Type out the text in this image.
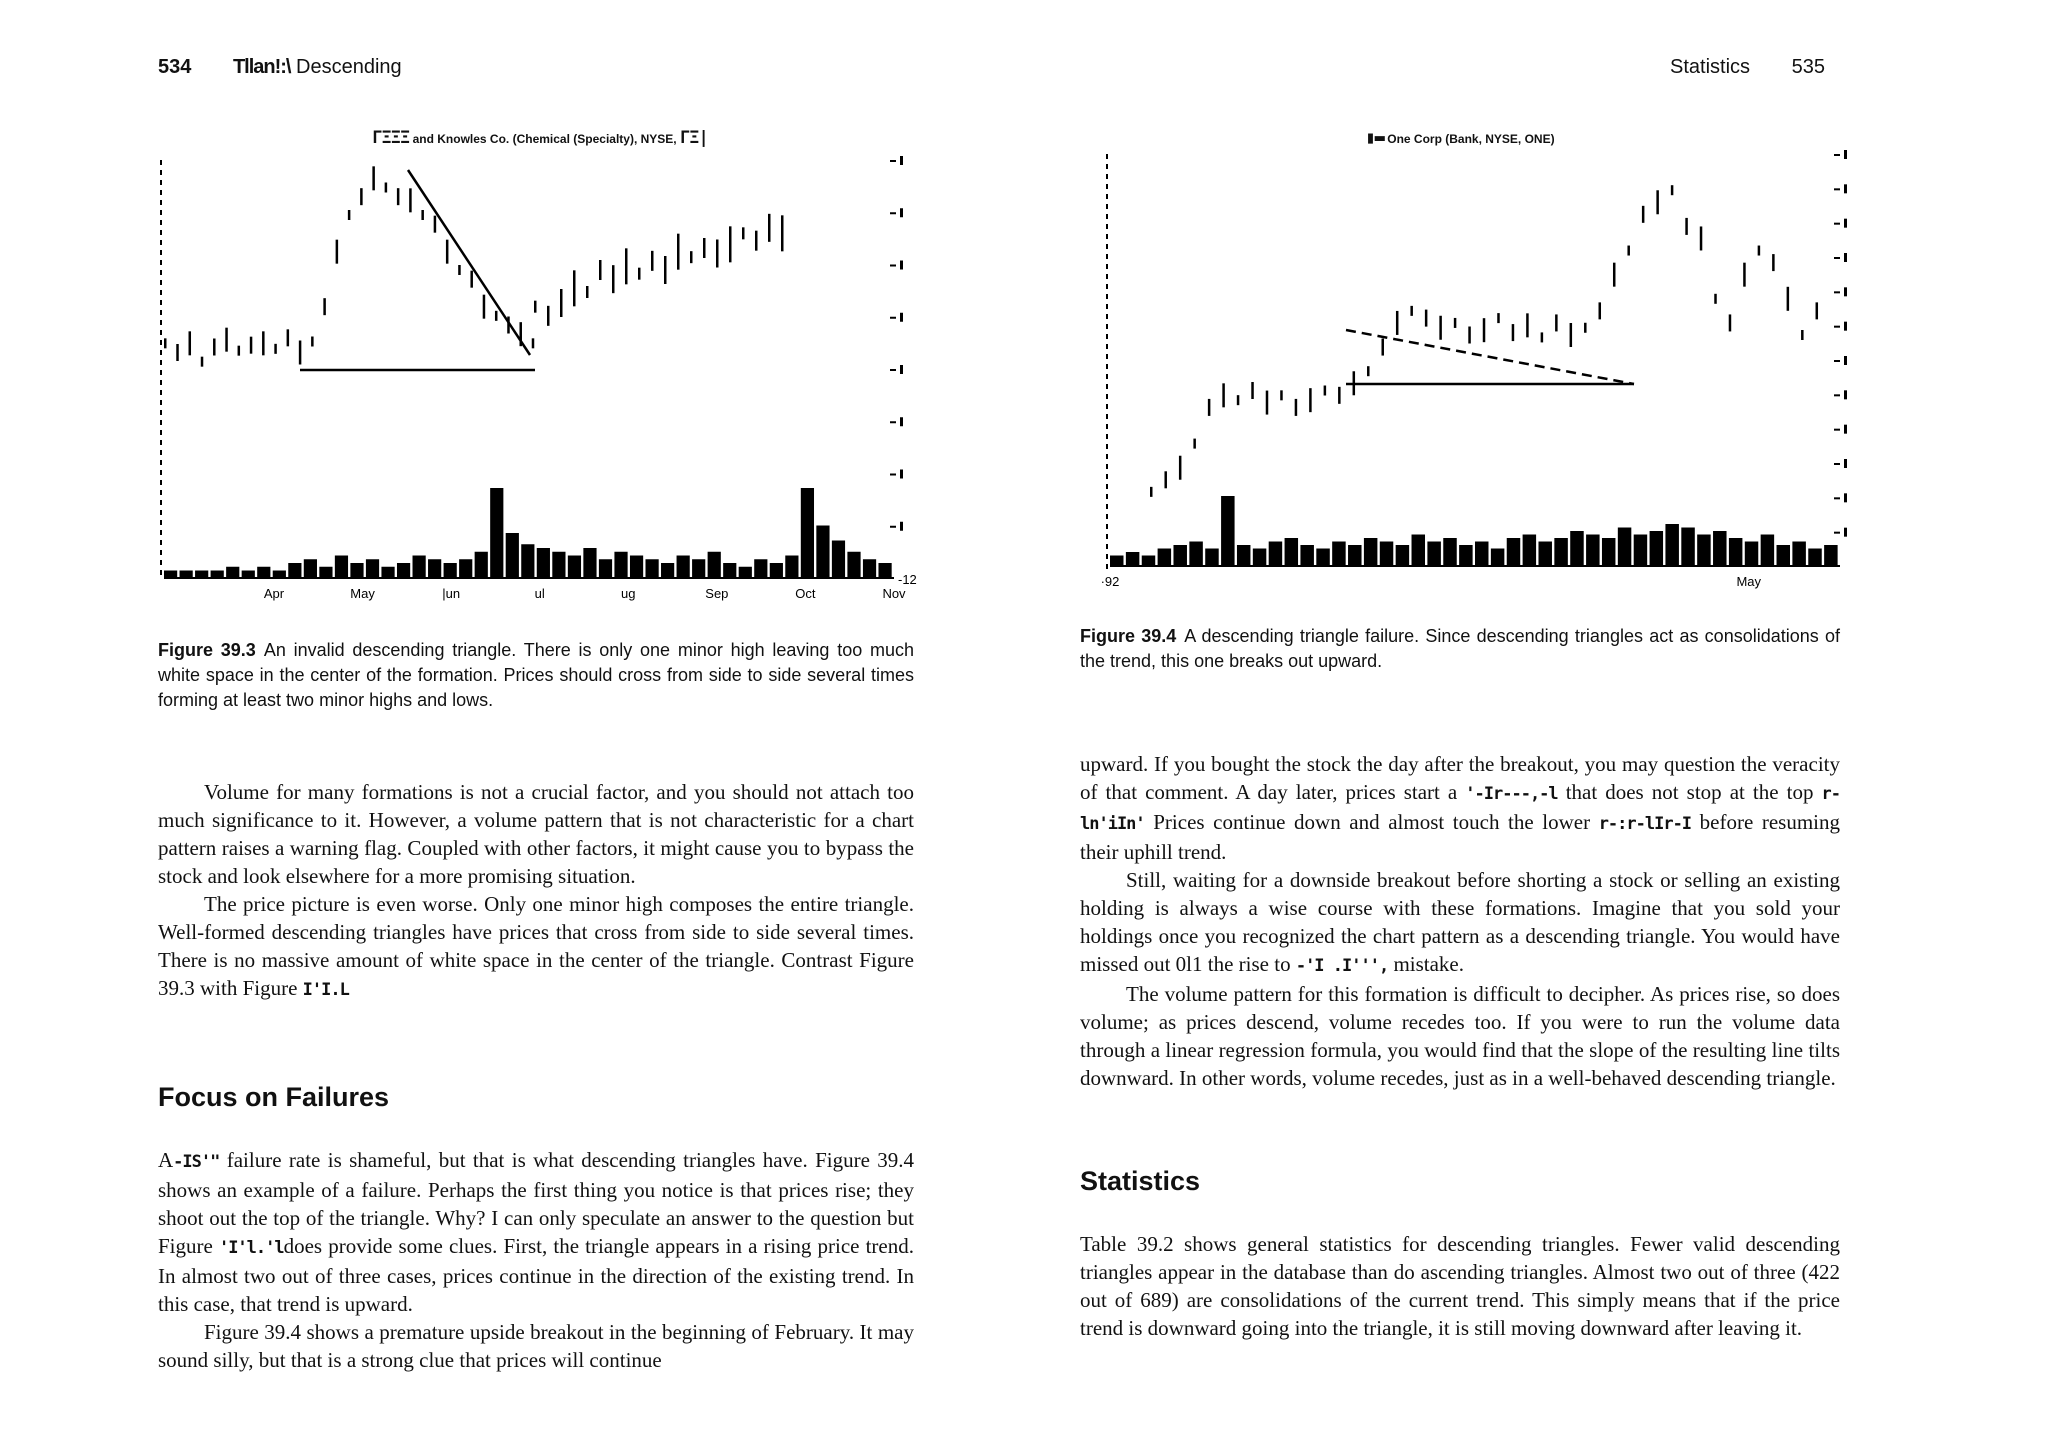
534 Tllan!:\ Descending
ΓΞΞΞ and Knowles Co. (Chemical (Specialty), NYSE, ΓΞ|
Apr	May	|un	ul	ug	Sep	Oct	Nov
-12
Figure 39.3 An invalid descending triangle. There is only one minor high leaving too much white space in the center of the formation. Prices should cross from side to side several times forming at least two minor highs and lows.

Volume for many formations is not a crucial factor, and you should not attach too much significance to it. However, a volume pattern that is not characteristic for a chart pattern raises a warning flag. Coupled with other factors, it might cause you to bypass the stock and look elsewhere for a more promising situation.

The price picture is even worse. Only one minor high composes the entire triangle. Well-formed descending triangles have prices that cross from side to side several times. There is no massive amount of white space in the center of the triangle. Contrast Figure 39.3 with Figure I'I.L

Focus on Failures

A-IS'" failure rate is shameful, but that is what descending triangles have. Figure 39.4 shows an example of a failure. Perhaps the first thing you notice is that prices rise; they shoot out the top of the triangle. Why? I can only speculate an answer to the question but Figure 'I'l.'ldoes provide some clues. First, the triangle appears in a rising price trend. In almost two out of three cases, prices continue in the direction of the existing trend. In this case, that trend is upward.

Figure 39.4 shows a premature upside breakout in the beginning of February. It may sound silly, but that is a strong clue that prices will continue

Statistics 535
▮▬ One Corp (Bank, NYSE, ONE)
·92	May
Figure 39.4 A descending triangle failure. Since descending triangles act as consolidations of the trend, this one breaks out upward.

upward. If you bought the stock the day after the breakout, you may question the veracity of that comment. A day later, prices start a '-Ir---,-l that does not stop at the top r-ln'iIn' Prices continue down and almost touch the lower r-:r-lIr-I before resuming their uphill trend.

Still, waiting for a downside breakout before shorting a stock or selling an existing holding is always a wise course with these formations. Imagine that you sold your holdings once you recognized the chart pattern as a descending triangle. You would have missed out 0l1 the rise to -'I .I''', mistake.

The volume pattern for this formation is difficult to decipher. As prices rise, so does volume; as prices descend, volume recedes too. If you were to run the volume data through a linear regression formula, you would find that the slope of the resulting line tilts downward. In other words, volume recedes, just as in a well-behaved descending triangle.

Statistics

Table 39.2 shows general statistics for descending triangles. Fewer valid descending triangles appear in the database than do ascending triangles. Almost two out of three (422 out of 689) are consolidations of the current trend. This simply means that if the price trend is downward going into the triangle, it is still moving downward after leaving it.
